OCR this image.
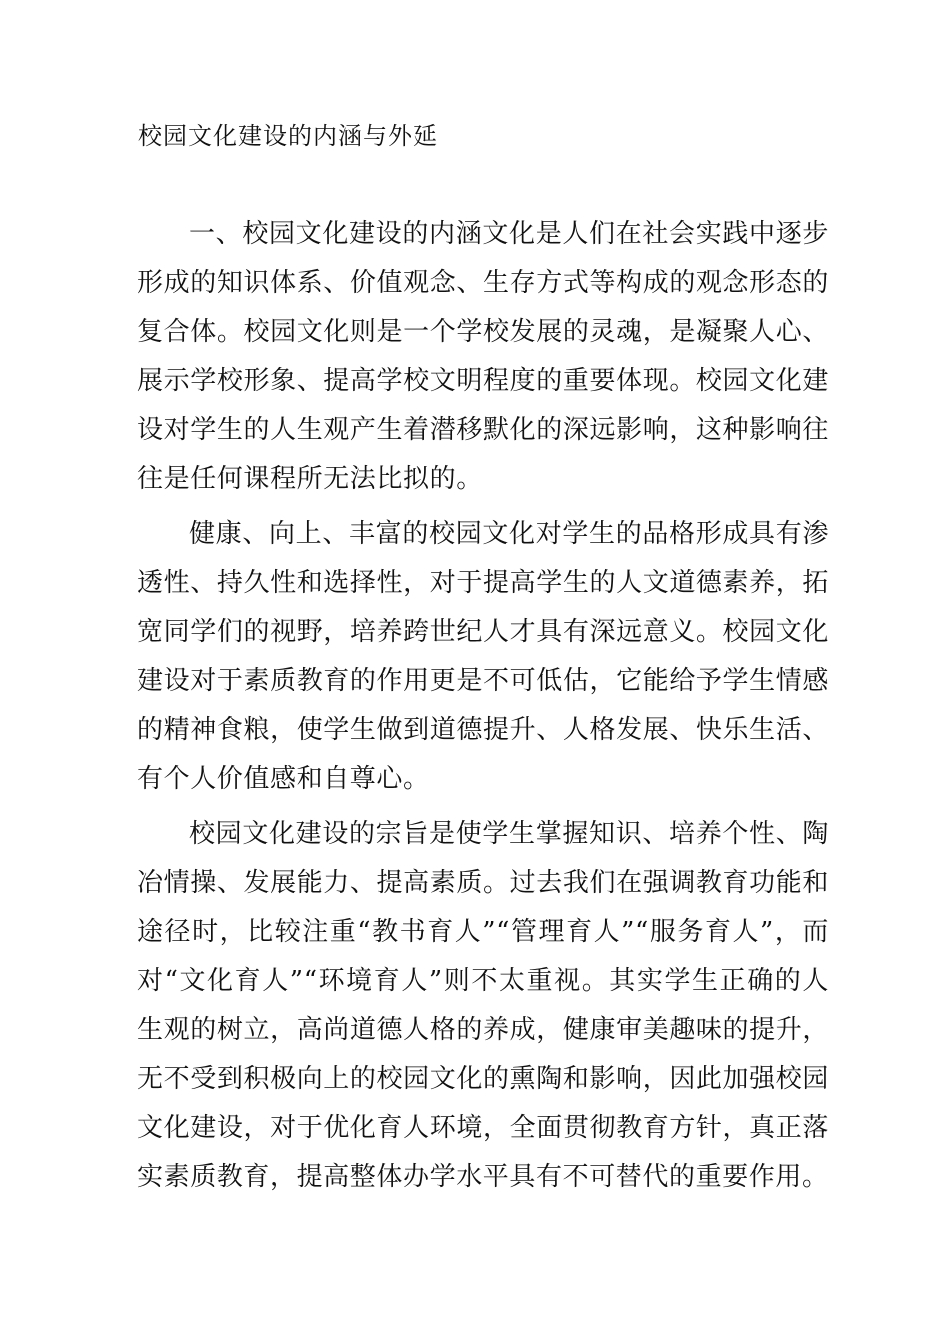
校园文化建设的内涵与外延

一、校园文化建设的内涵文化是人们在社会实践中逐步形成的知识体系、价值观念、生存方式等构成的观念形态的复合体。校园文化则是一个学校发展的灵魂，是凝聚人心、展示学校形象、提高学校文明程度的重要体现。校园文化建设对学生的人生观产生着潜移默化的深远影响，这种影响往往是任何课程所无法比拟的。

健康、向上、丰富的校园文化对学生的品格形成具有渗透性、持久性和选择性，对于提高学生的人文道德素养，拓宽同学们的视野，培养跨世纪人才具有深远意义。校园文化建设对于素质教育的作用更是不可低估，它能给予学生情感的精神食粮，使学生做到道德提升、人格发展、快乐生活、有个人价值感和自尊心。

校园文化建设的宗旨是使学生掌握知识、培养个性、陶冶情操、发展能力、提高素质。过去我们在强调教育功能和途径时，比较注重“教书育人”“管理育人”“服务育人”，而对“文化育人”“环境育人”则不太重视。其实学生正确的人生观的树立，高尚道德人格的养成，健康审美趣味的提升，无不受到积极向上的校园文化的熏陶和影响，因此加强校园文化建设，对于优化育人环境，全面贯彻教育方针，真正落实素质教育，提高整体办学水平具有不可替代的重要作用。
